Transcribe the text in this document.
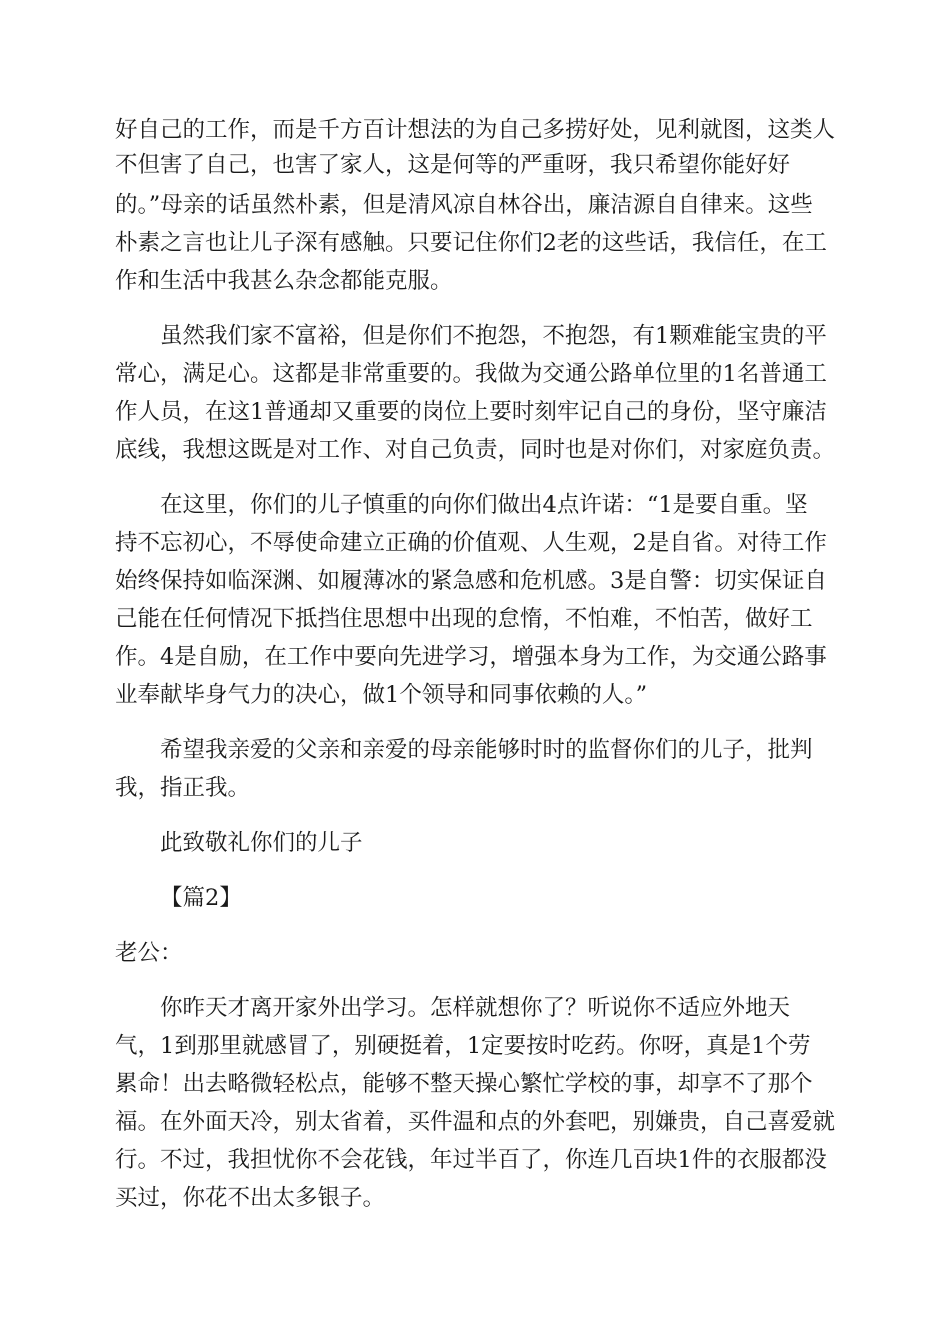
好自己的工作，而是千方百计想法的为自己多捞好处，见利就图，这类人
不但害了自己，也害了家人，这是何等的严重呀，我只希望你能好好
的。”母亲的话虽然朴素，但是清风凉自林谷出，廉洁源自自律来。这些
朴素之言也让儿子深有感触。只要记住你们2老的这些话，我信任，在工
作和生活中我甚么杂念都能克服。
虽然我们家不富裕，但是你们不抱怨，不抱怨，有1颗难能宝贵的平
常心，满足心。这都是非常重要的。我做为交通公路单位里的1名普通工
作人员，在这1普通却又重要的岗位上要时刻牢记自己的身份，坚守廉洁
底线，我想这既是对工作、对自己负责，同时也是对你们，对家庭负责。
在这里，你们的儿子慎重的向你们做出4点许诺：“1是要自重。坚
持不忘初心，不辱使命建立正确的价值观、人生观，2是自省。对待工作
始终保持如临深渊、如履薄冰的紧急感和危机感。3是自警：切实保证自
己能在任何情况下抵挡住思想中出现的怠惰，不怕难，不怕苦，做好工
作。4是自励，在工作中要向先进学习，增强本身为工作，为交通公路事
业奉献毕身气力的决心，做1个领导和同事依赖的人。”
希望我亲爱的父亲和亲爱的母亲能够时时的监督你们的儿子，批判
我，指正我。
此致敬礼你们的儿子
【篇2】
老公：
你昨天才离开家外出学习。怎样就想你了？听说你不适应外地天
气，1到那里就感冒了，别硬挺着，1定要按时吃药。你呀，真是1个劳
累命！出去略微轻松点，能够不整天操心繁忙学校的事，却享不了那个
福。在外面天冷，别太省着，买件温和点的外套吧，别嫌贵，自己喜爱就
行。不过，我担忧你不会花钱，年过半百了，你连几百块1件的衣服都没
买过，你花不出太多银子。
